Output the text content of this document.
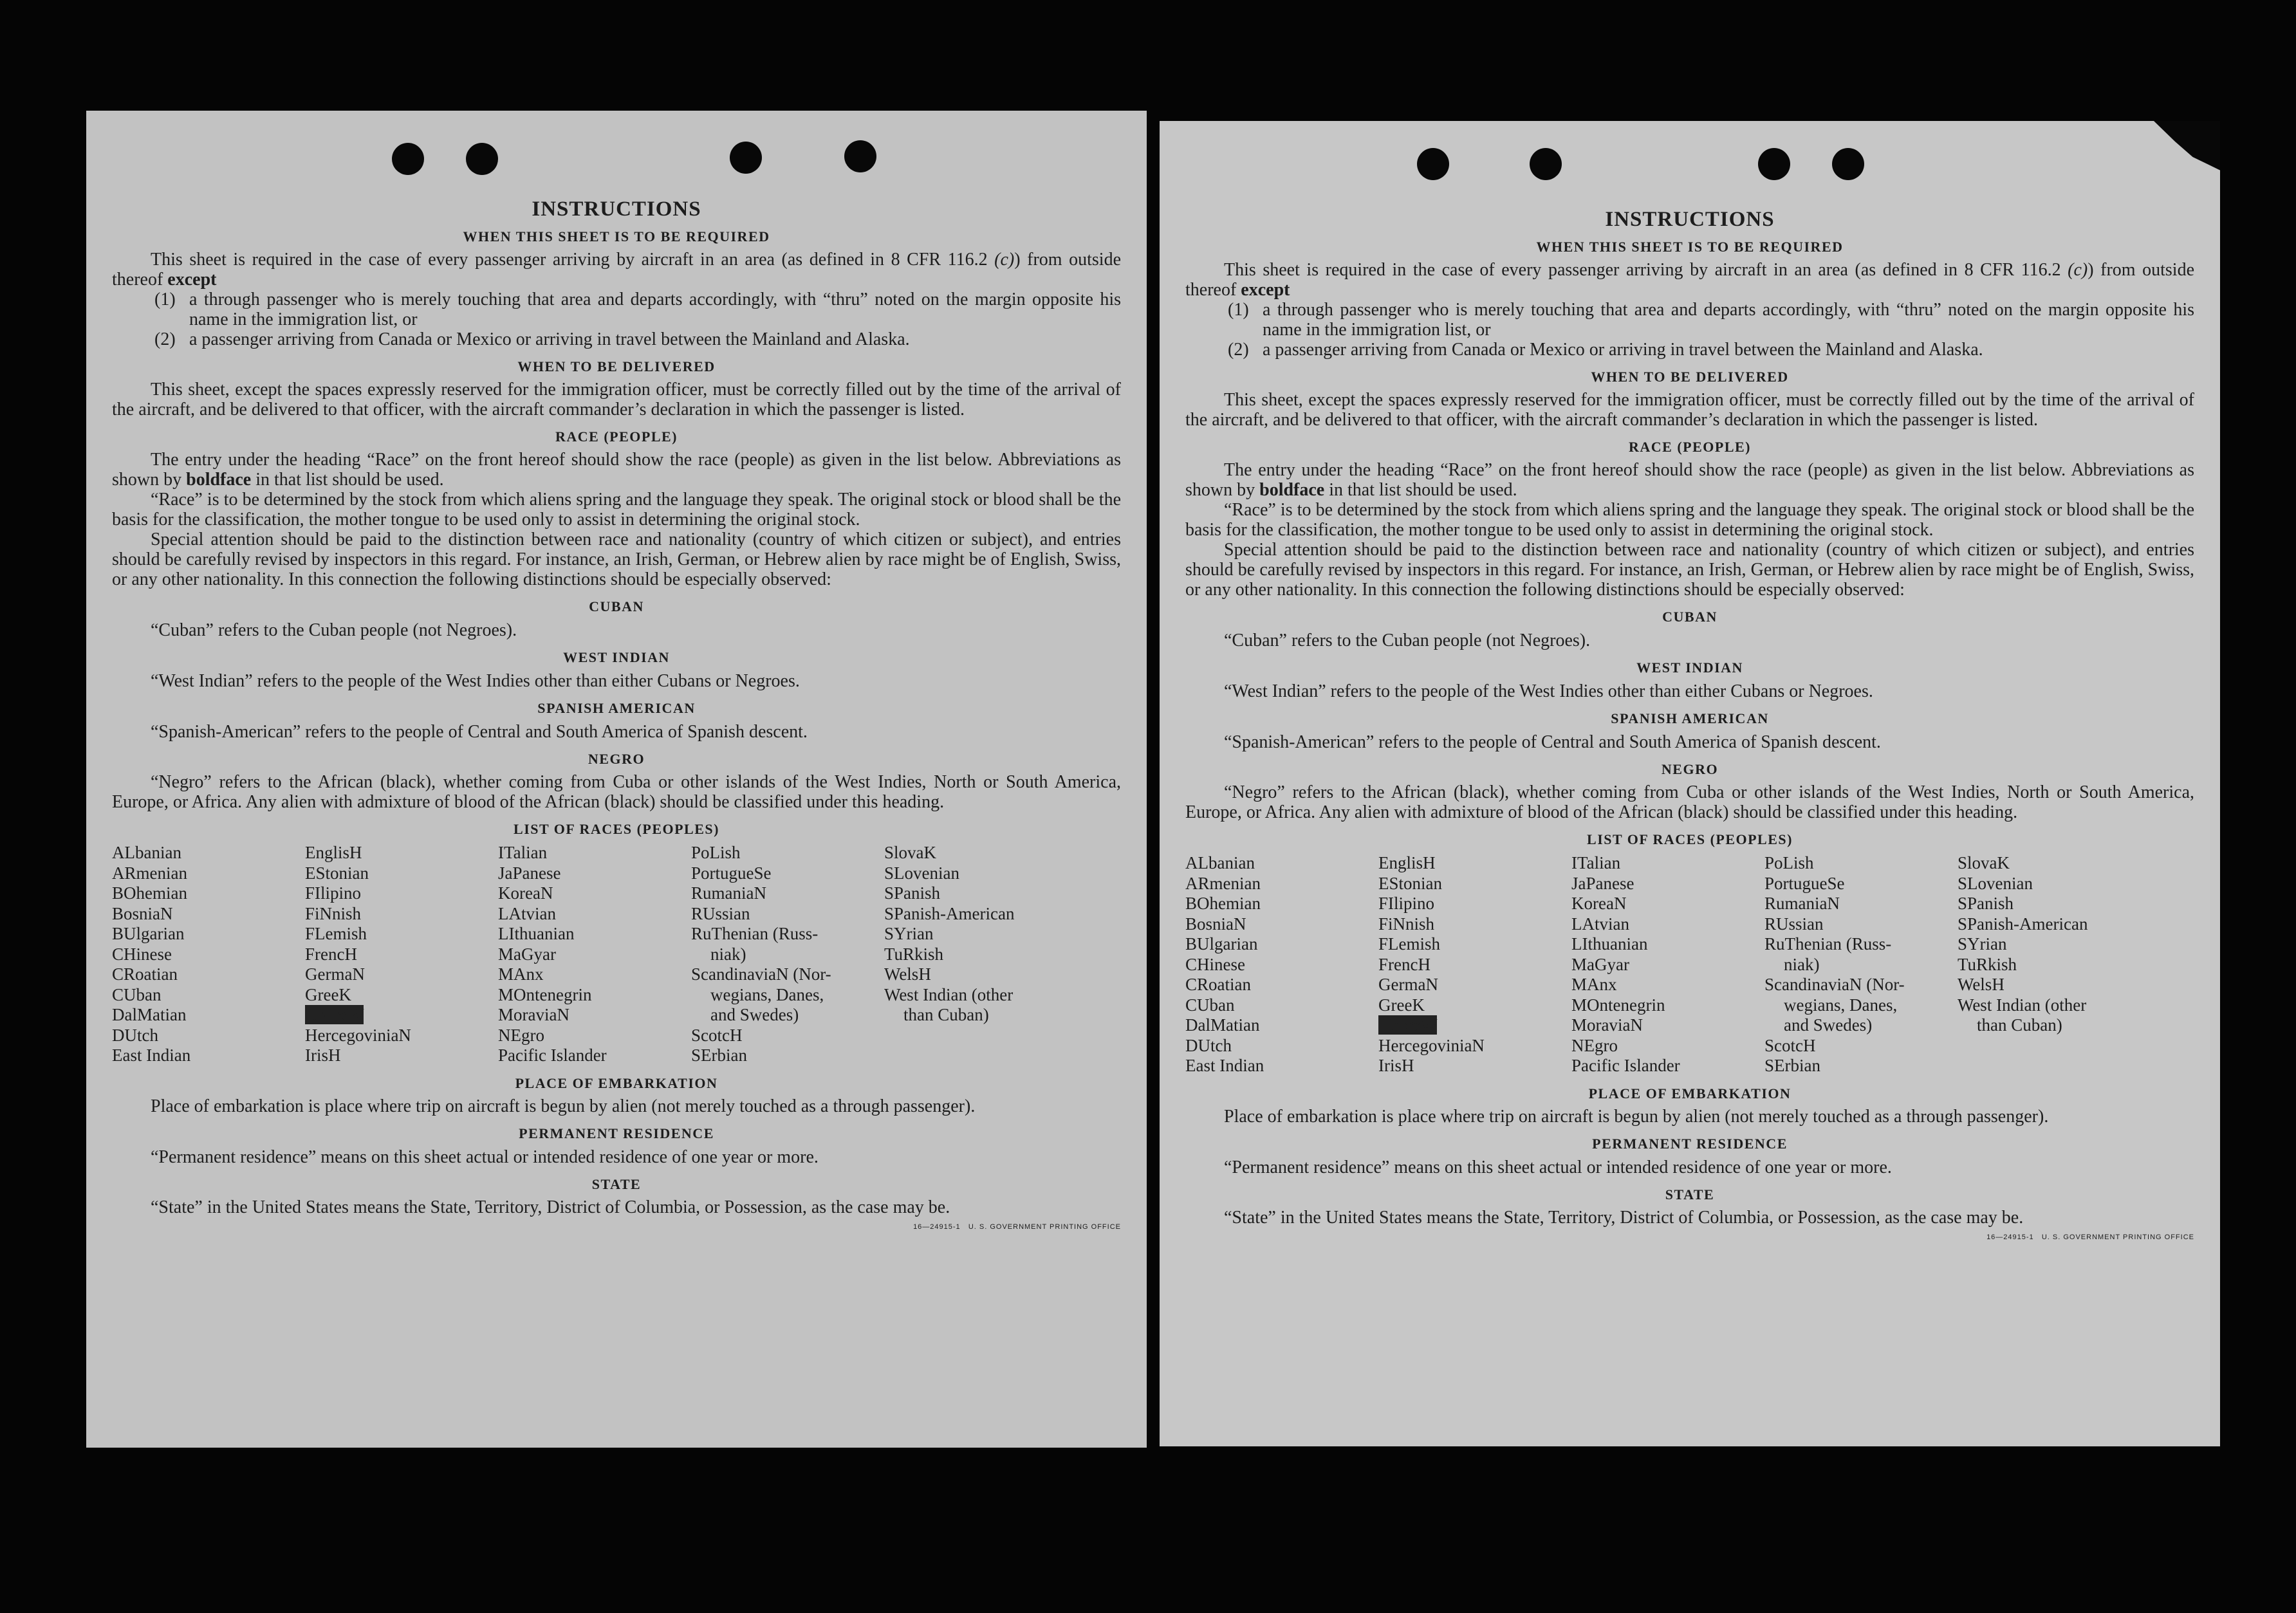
INSTRUCTIONS
WHEN THIS SHEET IS TO BE REQUIRED

This sheet is required in the case of every passenger arriving by aircraft in an area (as defined in 8 CFR 116.2 (c)) from outside thereof except

(1) a through passenger who is merely touching that area and departs accordingly, with “thru” noted on the margin opposite his name in the immigration list, or
(2) a passenger arriving from Canada or Mexico or arriving in travel between the Mainland and Alaska.
WHEN TO BE DELIVERED

This sheet, except the spaces expressly reserved for the immigration officer, must be correctly filled out by the time of the arrival of the aircraft, and be delivered to that officer, with the aircraft commander’s declaration in which the passenger is listed.

RACE (PEOPLE)

The entry under the heading “Race” on the front hereof should show the race (people) as given in the list below. Abbreviations as shown by boldface in that list should be used.

“Race” is to be determined by the stock from which aliens spring and the language they speak. The original stock or blood shall be the basis for the classification, the mother tongue to be used only to assist in determining the original stock.

Special attention should be paid to the distinction between race and nationality (country of which citizen or subject), and entries should be carefully revised by inspectors in this regard. For instance, an Irish, German, or Hebrew alien by race might be of English, Swiss, or any other nationality. In this connection the following distinctions should be especially observed:

CUBAN

“Cuban” refers to the Cuban people (not Negroes).

WEST INDIAN

“West Indian” refers to the people of the West Indies other than either Cubans or Negroes.

SPANISH AMERICAN

“Spanish-American” refers to the people of Central and South America of Spanish descent.

NEGRO

“Negro” refers to the African (black), whether coming from Cuba or other islands of the West Indies, North or South America, Europe, or Africa. Any alien with admixture of blood of the African (black) should be classified under this heading.

LIST OF RACES (PEOPLES)
ALbanian
ARmenian
BOhemian
BosniaN
BUlgarian
CHinese
CRoatian
CUban
DalMatian
DUtch
East Indian
EnglisH
EStonian
FIlipino
FiNnish
FLemish
FrencH
GermaN
GreeK
HebreW
HercegoviniaN
IrisH
ITalian
JaPanese
KoreaN
LAtvian
LIthuanian
MaGyar
MAnx
MOntenegrin
MoraviaN
NEgro
Pacific Islander
PoLish
PortugueSe
RumaniaN
RUssian
RuThenian (Russ-
niak)
ScandinaviaN (Nor-
wegians, Danes,
and Swedes)
ScotcH
SErbian
SlovaK
SLovenian
SPanish
SPanish-American
SYrian
TuRkish
WelsH
West Indian (other
than Cuban)
PLACE OF EMBARKATION

Place of embarkation is place where trip on aircraft is begun by alien (not merely touched as a through passenger).

PERMANENT RESIDENCE

“Permanent residence” means on this sheet actual or intended residence of one year or more.

STATE

“State” in the United States means the State, Territory, District of Columbia, or Possession, as the case may be.

16—24915-1 U. S. GOVERNMENT PRINTING OFFICE
INSTRUCTIONS
WHEN THIS SHEET IS TO BE REQUIRED

This sheet is required in the case of every passenger arriving by aircraft in an area (as defined in 8 CFR 116.2 (c)) from outside thereof except

(1) a through passenger who is merely touching that area and departs accordingly, with “thru” noted on the margin opposite his name in the immigration list, or
(2) a passenger arriving from Canada or Mexico or arriving in travel between the Mainland and Alaska.
WHEN TO BE DELIVERED

This sheet, except the spaces expressly reserved for the immigration officer, must be correctly filled out by the time of the arrival of the aircraft, and be delivered to that officer, with the aircraft commander’s declaration in which the passenger is listed.

RACE (PEOPLE)

The entry under the heading “Race” on the front hereof should show the race (people) as given in the list below. Abbreviations as shown by boldface in that list should be used.

“Race” is to be determined by the stock from which aliens spring and the language they speak. The original stock or blood shall be the basis for the classification, the mother tongue to be used only to assist in determining the original stock.

Special attention should be paid to the distinction between race and nationality (country of which citizen or subject), and entries should be carefully revised by inspectors in this regard. For instance, an Irish, German, or Hebrew alien by race might be of English, Swiss, or any other nationality. In this connection the following distinctions should be especially observed:

CUBAN

“Cuban” refers to the Cuban people (not Negroes).

WEST INDIAN

“West Indian” refers to the people of the West Indies other than either Cubans or Negroes.

SPANISH AMERICAN

“Spanish-American” refers to the people of Central and South America of Spanish descent.

NEGRO

“Negro” refers to the African (black), whether coming from Cuba or other islands of the West Indies, North or South America, Europe, or Africa. Any alien with admixture of blood of the African (black) should be classified under this heading.

LIST OF RACES (PEOPLES)
ALbanian
ARmenian
BOhemian
BosniaN
BUlgarian
CHinese
CRoatian
CUban
DalMatian
DUtch
East Indian
EnglisH
EStonian
FIlipino
FiNnish
FLemish
FrencH
GermaN
GreeK
HebreW
HercegoviniaN
IrisH
ITalian
JaPanese
KoreaN
LAtvian
LIthuanian
MaGyar
MAnx
MOntenegrin
MoraviaN
NEgro
Pacific Islander
PoLish
PortugueSe
RumaniaN
RUssian
RuThenian (Russ-
niak)
ScandinaviaN (Nor-
wegians, Danes,
and Swedes)
ScotcH
SErbian
SlovaK
SLovenian
SPanish
SPanish-American
SYrian
TuRkish
WelsH
West Indian (other
than Cuban)
PLACE OF EMBARKATION

Place of embarkation is place where trip on aircraft is begun by alien (not merely touched as a through passenger).

PERMANENT RESIDENCE

“Permanent residence” means on this sheet actual or intended residence of one year or more.

STATE

“State” in the United States means the State, Territory, District of Columbia, or Possession, as the case may be.

16—24915-1 U. S. GOVERNMENT PRINTING OFFICE
